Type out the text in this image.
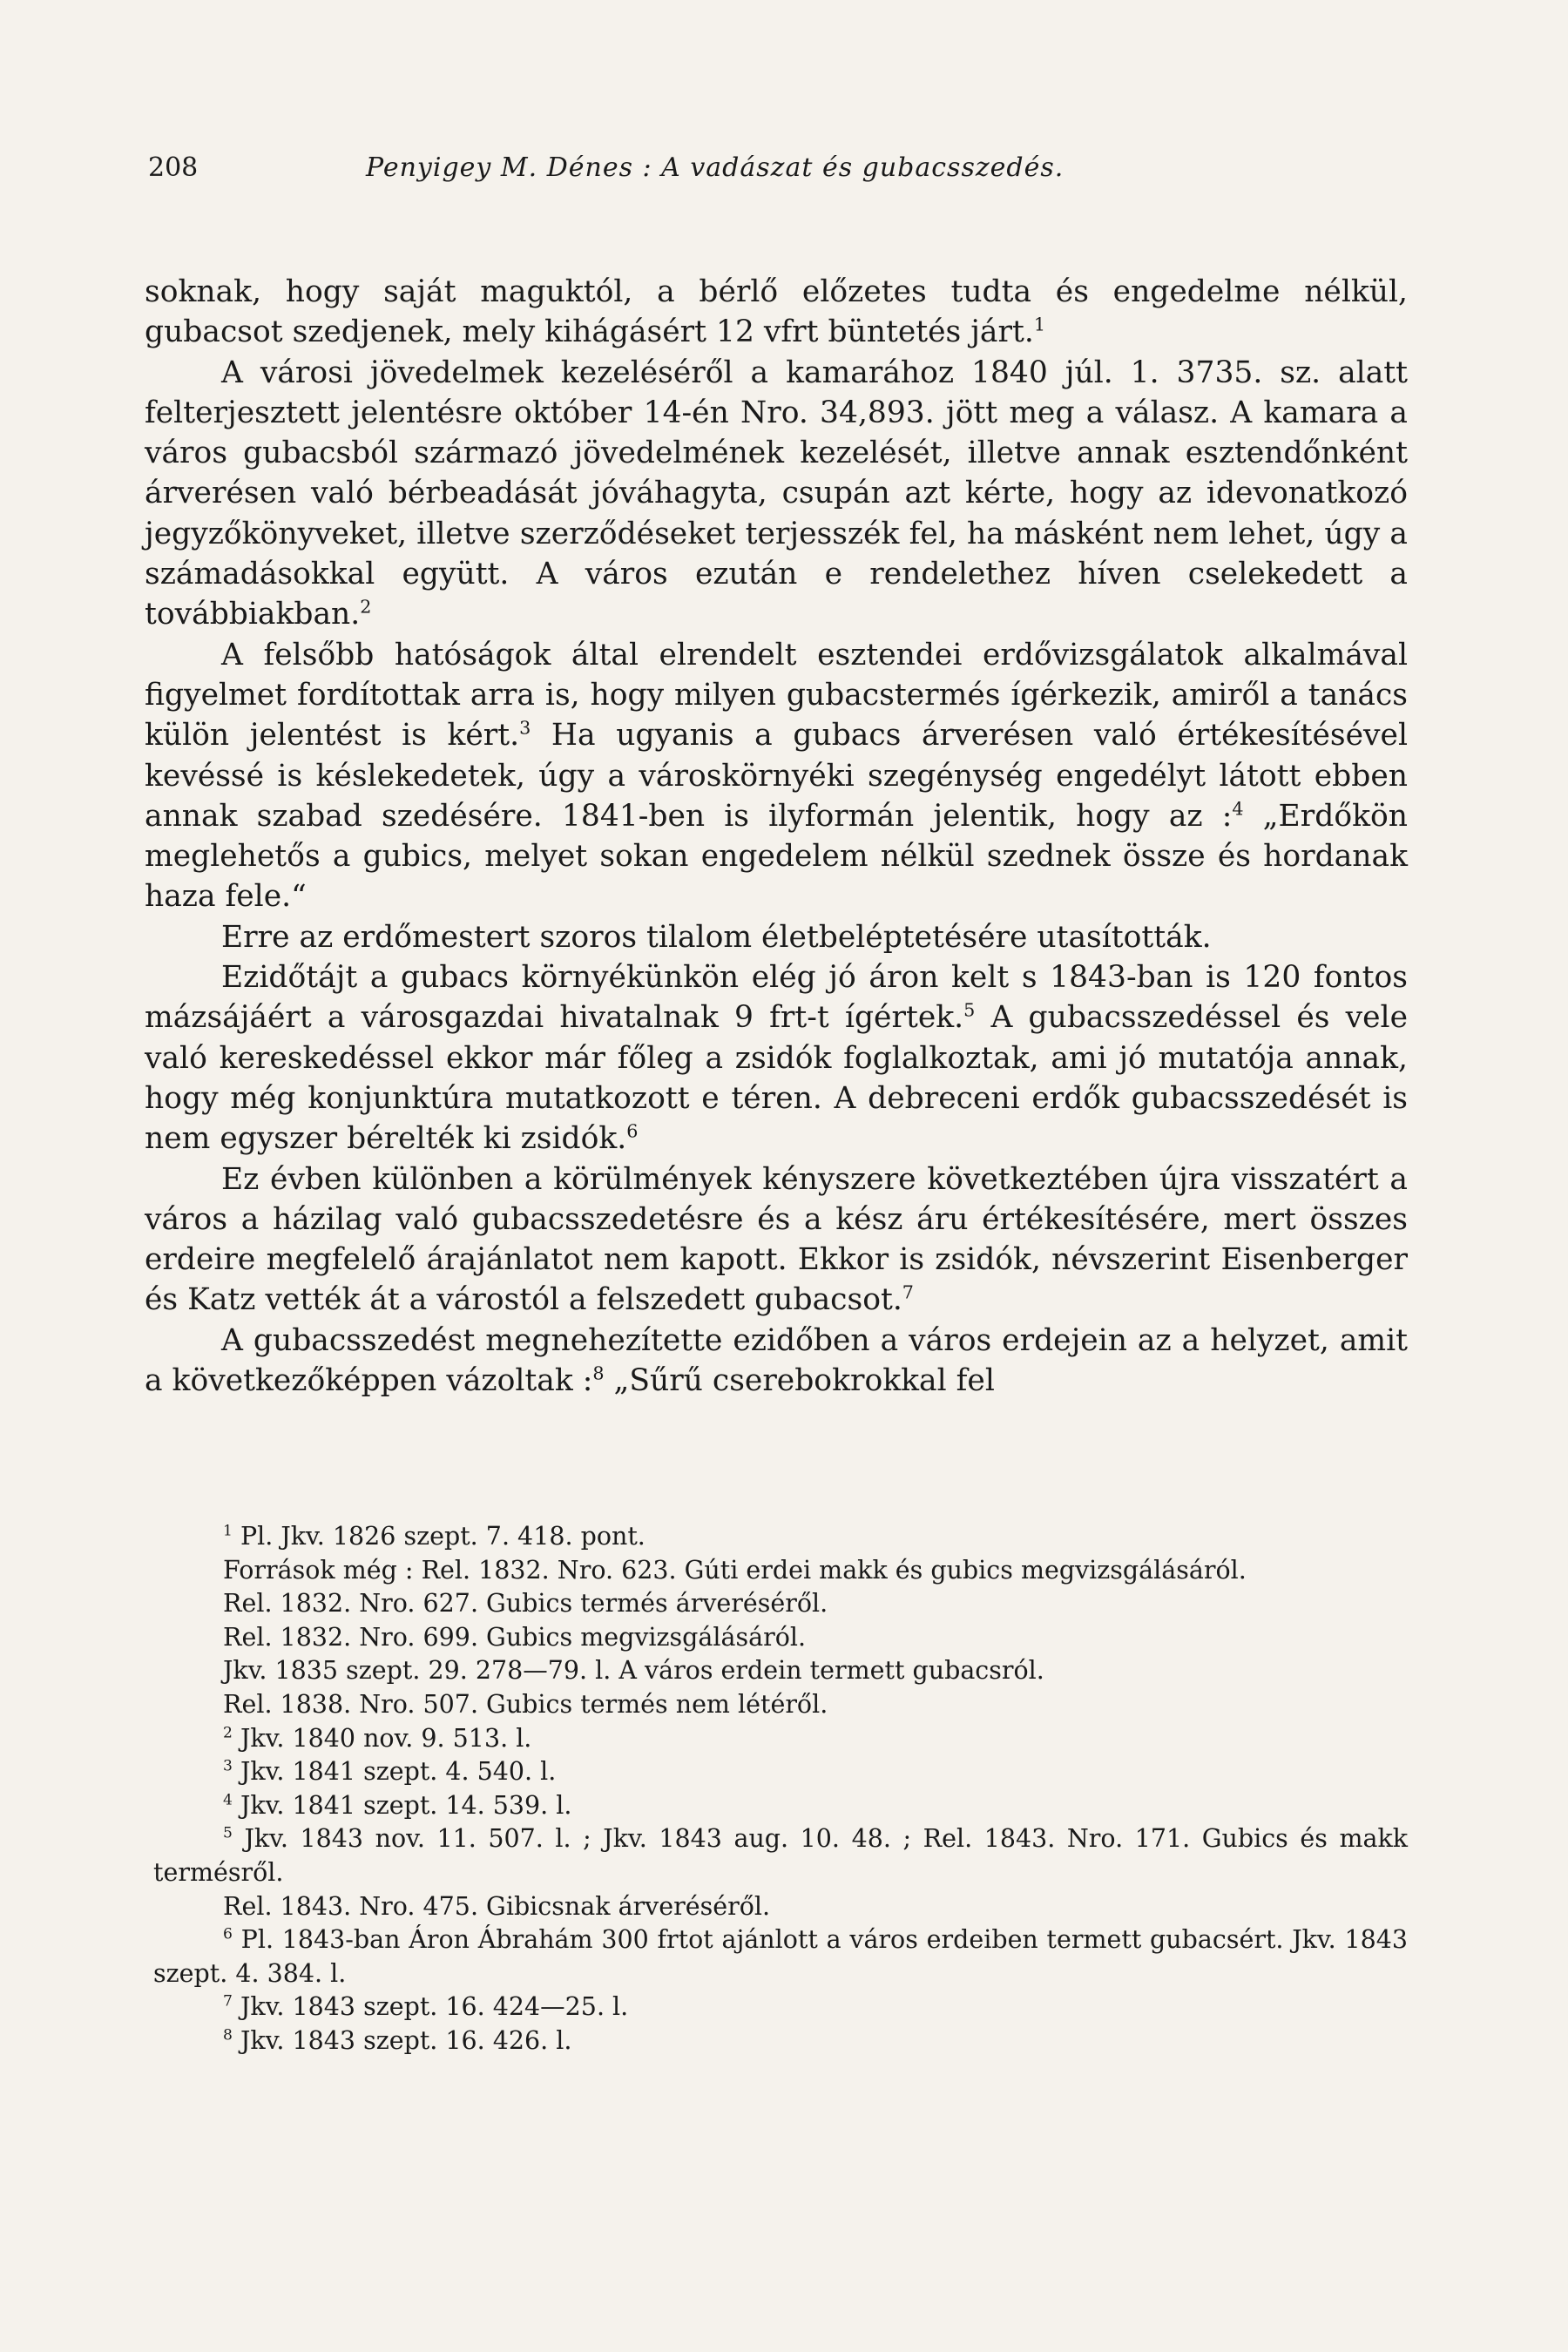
208	Penyigey M. Dénes : A vadászat és gubacsszedés.

soknak, hogy saját maguktól, a bérlő előzetes tudta és engedelme nélkül, gubacsot szedjenek, mely kihágásért 12 vfrt büntetés járt.$^1$

A városi jövedelmek kezeléséről a kamarához 1840 júl. 1. 3735. sz. alatt felterjesztett jelentésre október 14-én Nro. 34,893. jött meg a válasz. A kamara a város gubacsból származó jövedelmének kezelését, illetve annak esztendőnként árverésen való bérbeadását jóváhagyta, csupán azt kérte, hogy az idevonatkozó jegyzőkönyveket, illetve szerződéseket terjesszék fel, ha másként nem lehet, úgy a számadásokkal együtt. A város ezután e rendelethez híven cselekedett a továbbiakban.$^2$

A felsőbb hatóságok által elrendelt esztendei erdővizsgálatok alkalmával figyelmet fordítottak arra is, hogy milyen gubacstermés ígérkezik, amiről a tanács külön jelentést is kért.$^3$ Ha ugyanis a gubacs árverésen való értékesítésével kevéssé is késlekedetek, úgy a városkörnyéki szegénység engedélyt látott ebben annak szabad szedésére. 1841-ben is ilyformán jelentik, hogy az :$^4$ „Erdőkön meglehetős a gubics, melyet sokan engedelem nélkül szednek össze és hordanak haza fele.“

Erre az erdőmestert szoros tilalom életbeléptetésére utasították.

Ezidőtájt a gubacs környékünkön elég jó áron kelt s 1843-ban is 120 fontos mázsájáért a városgazdai hivatalnak 9 frt-t ígértek.$^5$ A gubacsszedéssel és vele való kereskedéssel ekkor már főleg a zsidók foglalkoztak, ami jó mutatója annak, hogy még konjunktúra mutatkozott e téren. A debreceni erdők gubacsszedését is nem egyszer bérelték ki zsidók.$^6$

Ez évben különben a körülmények kényszere következtében újra visszatért a város a házilag való gubacsszedetésre és a kész áru értékesítésére, mert összes erdeire megfelelő árajánlatot nem kapott. Ekkor is zsidók, névszerint Eisenberger és Katz vették át a várostól a felszedett gubacsot.$^7$

A gubacsszedést megnehezítette ezidőben a város erdejein az a helyzet, amit a következőképpen vázoltak :$^8$ „Sűrű cserebokrokkal fel

$^1$ Pl. Jkv. 1826 szept. 7. 418. pont.

Források még : Rel. 1832. Nro. 623. Gúti erdei makk és gubics megvizsgálásáról.

Rel. 1832. Nro. 627. Gubics termés árveréséről.

Rel. 1832. Nro. 699. Gubics megvizsgálásáról.

Jkv. 1835 szept. 29. 278—79. l. A város erdein termett gubacsról.

Rel. 1838. Nro. 507. Gubics termés nem létéről.

$^2$ Jkv. 1840 nov. 9. 513. l.

$^3$ Jkv. 1841 szept. 4. 540. l.

$^4$ Jkv. 1841 szept. 14. 539. l.

$^5$ Jkv. 1843 nov. 11. 507. l. ; Jkv. 1843 aug. 10. 48. ; Rel. 1843. Nro. 171. Gubics és makk termésről.

Rel. 1843. Nro. 475. Gibicsnak árveréséről.

$^6$ Pl. 1843-ban Áron Ábrahám 300 frtot ajánlott a város erdeiben termett gubacsért. Jkv. 1843 szept. 4. 384. l.

$^7$ Jkv. 1843 szept. 16. 424—25. l.

$^8$ Jkv. 1843 szept. 16. 426. l.
